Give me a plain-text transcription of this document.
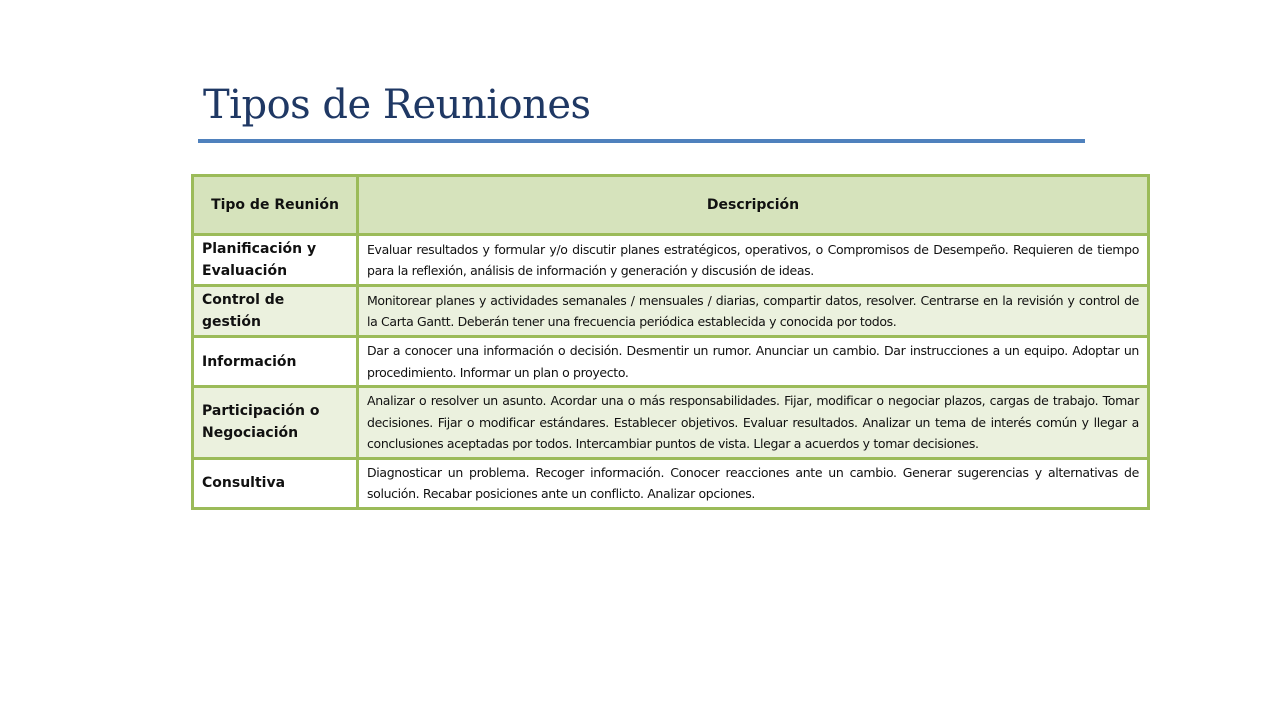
Tipos de Reuniones
Tipo de Reunión	Descripción
Planificación y Evaluación	Evaluar resultados y formular y/o discutir planes estratégicos, operativos, o Compromisos de Desempeño. Requieren de tiempo para la reflexión, análisis de información y generación y discusión de ideas.
Control de gestión	Monitorear planes y actividades semanales / mensuales / diarias, compartir datos, resolver. Centrarse en la revisión y control de la Carta Gantt. Deberán tener una frecuencia periódica establecida y conocida por todos.
Información	Dar a conocer una información o decisión. Desmentir un rumor. Anunciar un cambio. Dar instrucciones a un equipo. Adoptar un procedimiento. Informar un plan o proyecto.
Participación o Negociación	Analizar o resolver un asunto. Acordar una o más responsabilidades. Fijar, modificar o negociar plazos, cargas de trabajo. Tomar decisiones. Fijar o modificar estándares. Establecer objetivos. Evaluar resultados. Analizar un tema de interés común y llegar a conclusiones aceptadas por todos. Intercambiar puntos de vista. Llegar a acuerdos y tomar decisiones.
Consultiva	Diagnosticar un problema. Recoger información. Conocer reacciones ante un cambio. Generar sugerencias y alternativas de solución. Recabar posiciones ante un conflicto. Analizar opciones.
